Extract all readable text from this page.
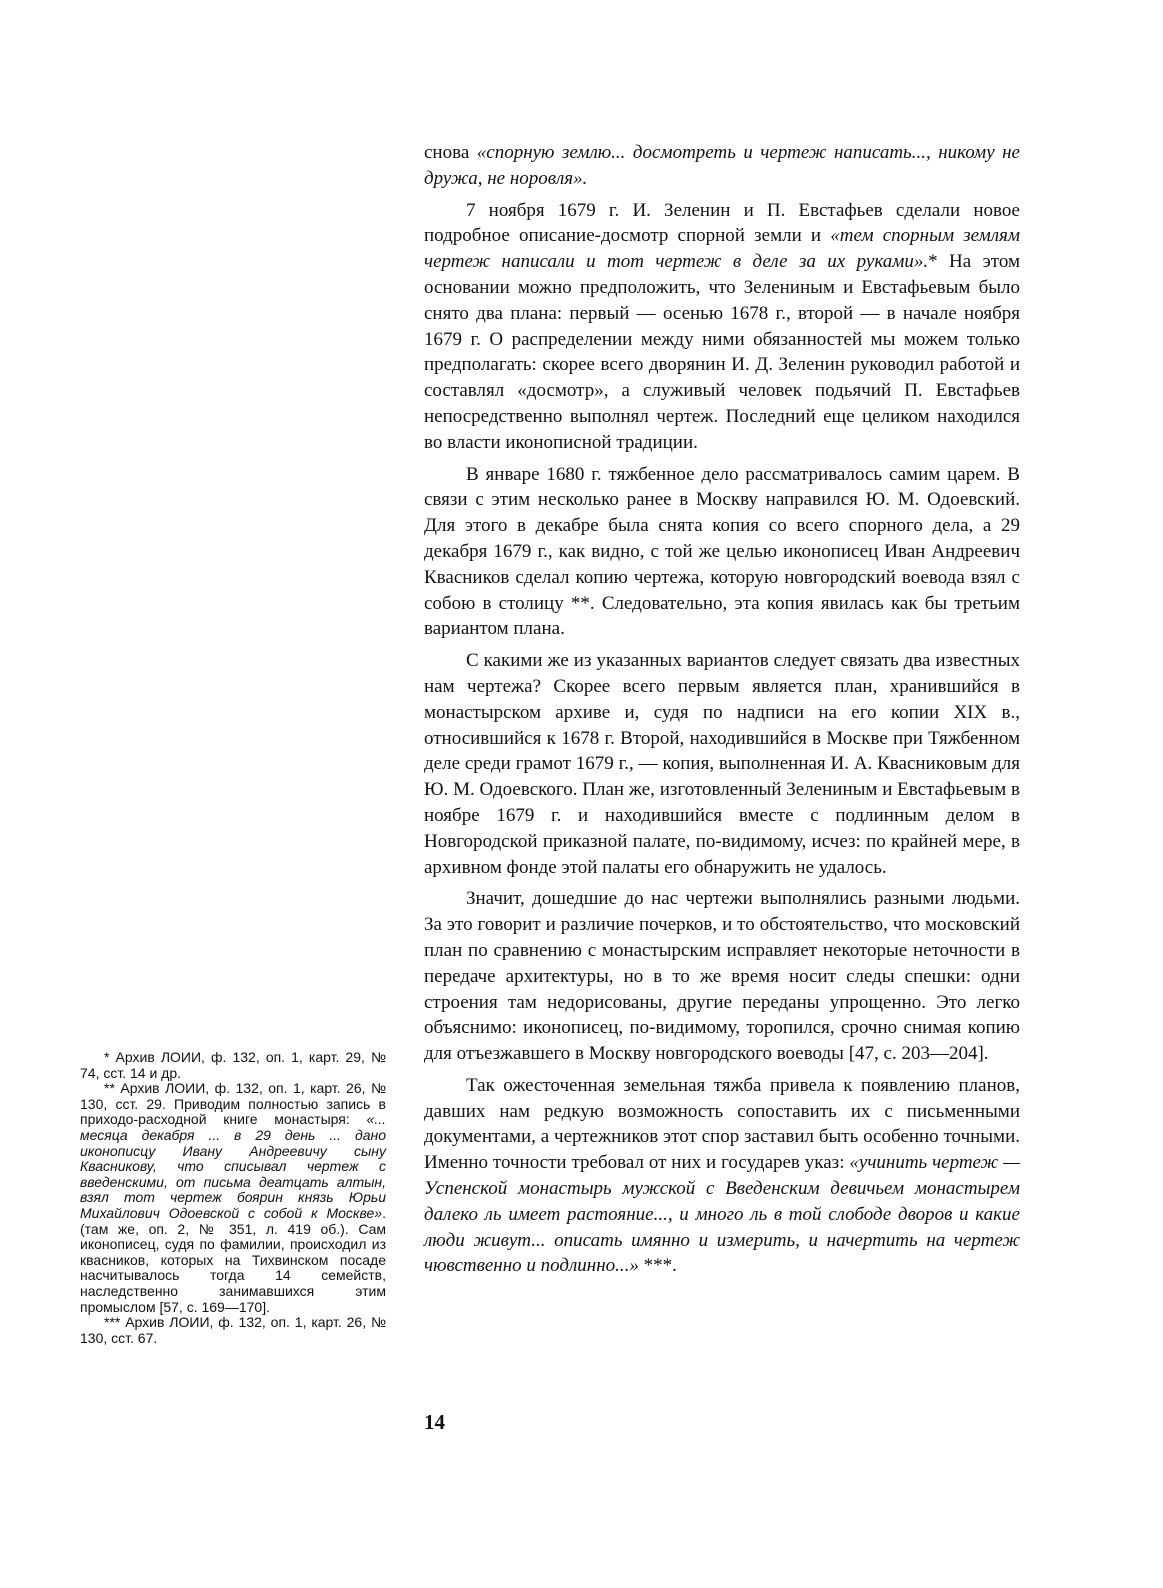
снова «спорную землю... досмотреть и чертеж написать..., никому не дружа, не норовля».

7 ноября 1679 г. И. Зеленин и П. Евстафьев сделали новое подробное описание-досмотр спорной земли и «тем спорным землям чертеж написали и тот чертеж в деле за их руками».* На этом основании можно предположить, что Зелениным и Евстафьевым было снято два плана: первый — осенью 1678 г., второй — в начале ноября 1679 г. О распределении между ними обязанностей мы можем только предполагать: скорее всего дворянин И. Д. Зеленин руководил работой и составлял «досмотр», а служивый человек подьячий П. Евстафьев непосредственно выполнял чертеж. Последний еще целиком находился во власти иконописной традиции.

В январе 1680 г. тяжбенное дело рассматривалось самим царем. В связи с этим несколько ранее в Москву направился Ю. М. Одоевский. Для этого в декабре была снята копия со всего спорного дела, а 29 декабря 1679 г., как видно, с той же целью иконописец Иван Андреевич Квасников сделал копию чертежа, которую новгородский воевода взял с собою в столицу **. Следовательно, эта копия явилась как бы третьим вариантом плана.

С какими же из указанных вариантов следует связать два известных нам чертежа? Скорее всего первым является план, хранившийся в монастырском архиве и, судя по надписи на его копии XIX в., относившийся к 1678 г. Второй, находившийся в Москве при Тяжбенном деле среди грамот 1679 г., — копия, выполненная И. А. Квасниковым для Ю. М. Одоевского. План же, изготовленный Зелениным и Евстафьевым в ноябре 1679 г. и находившийся вместе с подлинным делом в Новгородской приказной палате, по-видимому, исчез: по крайней мере, в архивном фонде этой палаты его обнаружить не удалось.

Значит, дошедшие до нас чертежи выполнялись разными людьми. За это говорит и различие почерков, и то обстоятельство, что московский план по сравнению с монастырским исправляет некоторые неточности в передаче архитектуры, но в то же время носит следы спешки: одни строения там недорисованы, другие переданы упрощенно. Это легко объяснимо: иконописец, по-видимому, торопился, срочно снимая копию для отъезжавшего в Москву новгородского воеводы [47, с. 203—204].

Так ожесточенная земельная тяжба привела к появлению планов, давших нам редкую возможность сопоставить их с письменными документами, а чертежников этот спор заставил быть особенно точными. Именно точности требовал от них и государев указ: «учинить чертеж — Успенской монастырь мужской с Введенским девичьем монастырем далеко ль имеет растояние..., и много ль в той слободе дворов и какие люди живут... описать имянно и измерить, и начертить на чертеж чювственно и подлинно...» ***.

* Архив ЛОИИ, ф. 132, оп. 1, карт. 29, № 74, сст. 14 и др.

** Архив ЛОИИ, ф. 132, оп. 1, карт. 26, № 130, сст. 29. Приводим полностью запись в приходо-расходной книге монастыря: «... месяца декабря ... в 29 день ... дано иконописцу Ивану Андреевичу сыну Квасникову, что списывал чертеж с введенскими, от письма деатцать алтын, взял тот чертеж боярин князь Юрьи Михайлович Одоевской с собой к Москве». (там же, оп. 2, № 351, л. 419 об.). Сам иконописец, судя по фамилии, происходил из квасников, которых на Тихвинском посаде насчитывалось тогда 14 семейств, наследственно занимавшихся этим промыслом [57, с. 169—170].

*** Архив ЛОИИ, ф. 132, оп. 1, карт. 26, № 130, сст. 67.

14
